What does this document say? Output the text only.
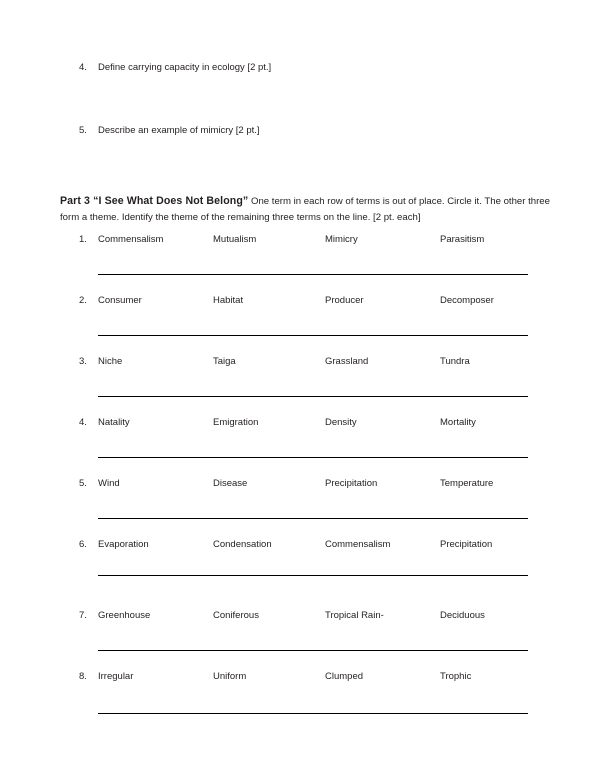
4.	Define carrying capacity in ecology [2 pt.]
5.	Describe an example of mimicry [2 pt.]
Part 3 “I See What Does Not Belong” One term in each row of terms is out of place. Circle it. The other three form a theme. Identify the theme of the remaining three terms on the line. [2 pt. each]
1.	Commensalism	Mutualism	Mimicry	Parasitism
2.	Consumer	Habitat	Producer	Decomposer
3.	Niche	Taiga	Grassland	Tundra
4.	Natality	Emigration	Density	Mortality
5.	Wind	Disease	Precipitation	Temperature
6.	Evaporation	Condensation	Commensalism	Precipitation
7.	Greenhouse	Coniferous	Tropical Rain-	Deciduous
8.	Irregular	Uniform	Clumped	Trophic
